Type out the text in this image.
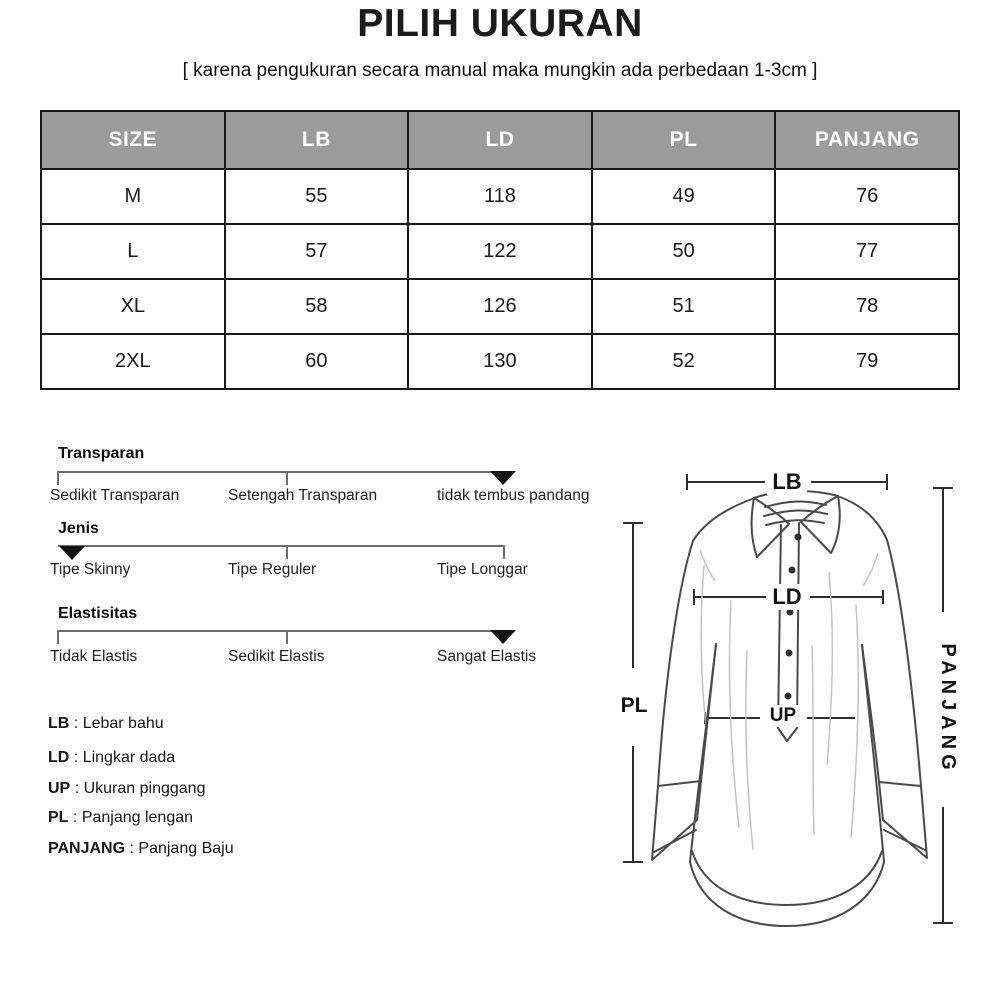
PILIH UKURAN
[ karena pengukuran secara manual maka mungkin ada perbedaan 1-3cm ]
SIZE	LB	LD	PL	PANJANG
M	55	118	49	76
L	57	122	50	77
XL	58	126	51	78
2XL	60	130	52	79
Transparan
Sedikit Transparan	Setengah Transparan	tidak tembus pandang
Jenis
Tipe Skinny	Tipe Reguler	Tipe Longgar
Elastisitas
Tidak Elastis	Sedikit Elastis	Sangat Elastis
LB : Lebar bahu
LD : Lingkar dada
UP : Ukuran pinggang
PL : Panjang lengan
PANJANG : Panjang Baju
LB
LD
UP
PL	PANJANG
